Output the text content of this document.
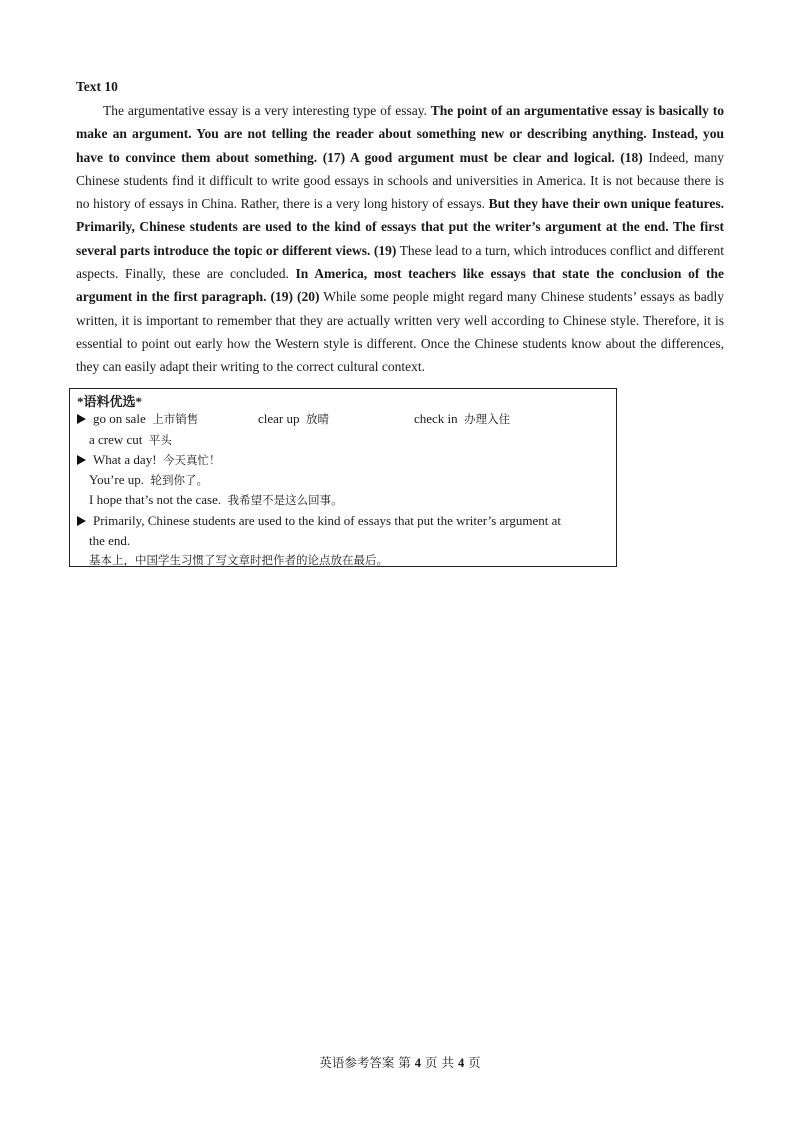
Text 10

The argumentative essay is a very interesting type of essay. The point of an argumentative essay is basically to make an argument. You are not telling the reader about something new or describing anything. Instead, you have to convince them about something. (17) A good argument must be clear and logical. (18) Indeed, many Chinese students find it difficult to write good essays in schools and universities in America. It is not because there is no history of essays in China. Rather, there is a very long history of essays. But they have their own unique features. Primarily, Chinese students are used to the kind of essays that put the writer’s argument at the end. The first several parts introduce the topic or different views. (19) These lead to a turn, which introduces conflict and different aspects. Finally, these are concluded. In America, most teachers like essays that state the conclusion of the argument in the first paragraph. (19) (20) While some people might regard many Chinese students’ essays as badly written, it is important to remember that they are actually written very well according to Chinese style. Therefore, it is essential to point out early how the Western style is different. Once the Chinese students know about the differences, they can easily adapt their writing to the correct cultural context.

*语料优选*
go on sale 上市销售	clear up 放晴	check in 办理入住
a crew cut 平头
What a day! 今天真忙！
You’re up. 轮到你了。
I hope that’s not the case. 我希望不是这么回事。
Primarily, Chinese students are used to the kind of essays that put the writer’s argument at
the end.
基本上，中国学生习惯了写文章时把作者的论点放在最后。
英语参考答案 第 4 页 共 4 页
